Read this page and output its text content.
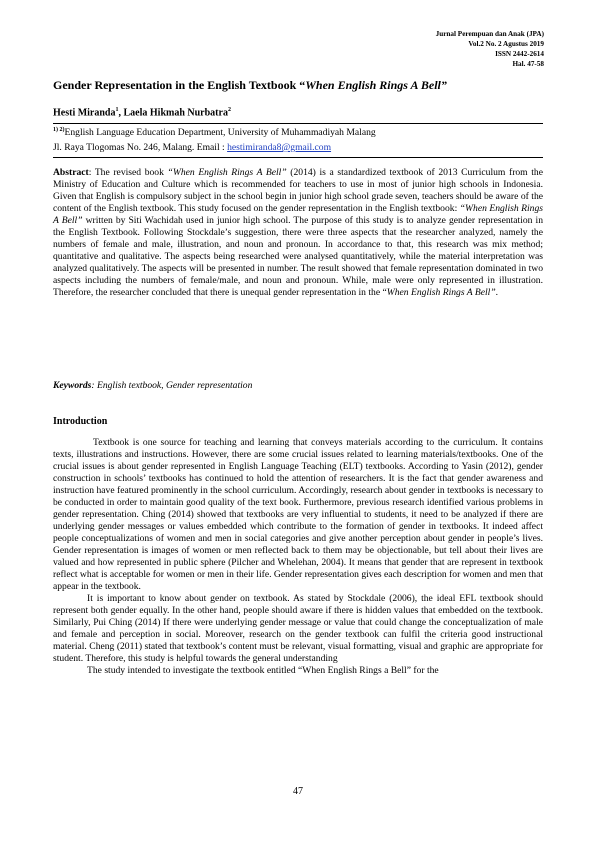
Jurnal Perempuan dan Anak (JPA)
Vol.2 No. 2 Agustus 2019
ISSN 2442-2614
Hal. 47-58
Gender Representation in the English Textbook “When English Rings A Bell”
Hesti Miranda$^1$, Laela Hikmah Nurbatra$^2$
$^{1) 2)}$English Language Education Department, University of Muhammadiyah Malang
Jl. Raya Tlogomas No. 246, Malang. Email : hestimiranda8@gmail.com

Abstract: The revised book “When English Rings A Bell” (2014) is a standardized textbook of 2013 Curriculum from the Ministry of Education and Culture which is recommended for teachers to use in most of junior high schools in Indonesia. Given that English is compulsory subject in the school begin in junior high school grade seven, teachers should be aware of the content of the English textbook. This study focused on the gender representation in the English textbook: “When English Rings A Bell” written by Siti Wachidah used in junior high school. The purpose of this study is to analyze gender representation in the English Textbook. Following Stockdale’s suggestion, there were three aspects that the researcher analyzed, namely the numbers of female and male, illustration, and noun and pronoun. In accordance to that, this research was mix method; quantitative and qualitative. The aspects being researched were analysed quantitatively, while the material interpretation was analyzed qualitatively. The aspects will be presented in number. The result showed that female representation dominated in two aspects including the numbers of female/male, and noun and pronoun. While, male were only represented in illustration. Therefore, the researcher concluded that there is unequal gender representation in the “When English Rings A Bell”.

Keywords: English textbook, Gender representation

Introduction

Textbook is one source for teaching and learning that conveys materials according to the curriculum. It contains texts, illustrations and instructions. However, there are some crucial issues related to learning materials/textbooks. One of the crucial issues is about gender represented in English Language Teaching (ELT) textbooks. According to Yasin (2012), gender construction in schools’ textbooks has continued to hold the attention of researchers. It is the fact that gender awareness and instruction have featured prominently in the school curriculum. Accordingly, research about gender in textbooks is necessary to be conducted in order to maintain good quality of the text book. Furthermore, previous research identified various problems in gender representation. Ching (2014) showed that textbooks are very influential to students, it need to be analyzed if there are underlying gender messages or values embedded which contribute to the formation of gender in textbooks. It indeed affect people conceptualizations of women and men in social categories and give another perception about gender in people’s lives. Gender representation is images of women or men reflected back to them may be objectionable, but tell about their lives are valued and how represented in public sphere (Pilcher and Whelehan, 2004). It means that gender that are represent in textbook reflect what is acceptable for women or men in their life. Gender representation gives each description for women and men that appear in the textbook.

It is important to know about gender on textbook. As stated by Stockdale (2006), the ideal EFL textbook should represent both gender equally. In the other hand, people should aware if there is hidden values that embedded on the textbook. Similarly, Pui Ching (2014) If there were underlying gender message or value that could change the conceptualization of male and female and perception in social. Moreover, research on the gender textbook can fulfil the criteria good instructional material. Cheng (2011) stated that textbook’s content must be relevant, visual formatting, visual and graphic are appropriate for student. Therefore, this study is helpful towards the general understanding

The study intended to investigate the textbook entitled “When English Rings a Bell” for the

47
